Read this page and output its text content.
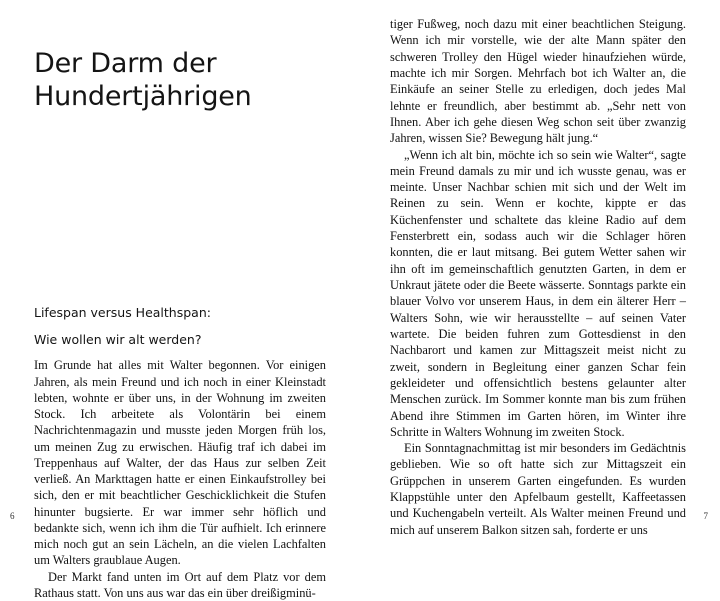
Der Darm der Hundertjährigen
Lifespan versus Healthspan:
Wie wollen wir alt werden?

Im Grunde hat alles mit Walter begonnen. Vor einigen Jahren, als mein Freund und ich noch in einer Kleinstadt lebten, wohnte er über uns, in der Wohnung im zweiten Stock. Ich arbeitete als Volontärin bei einem Nachrichtenmagazin und musste jeden Morgen früh los, um meinen Zug zu erwischen. Häufig traf ich dabei im Treppenhaus auf Walter, der das Haus zur selben Zeit verließ. An Markttagen hatte er einen Einkaufstrolley bei sich, den er mit beachtlicher Geschicklichkeit die Stufen hinunter bugsierte. Er war immer sehr höflich und bedankte sich, wenn ich ihm die Tür aufhielt. Ich erinnere mich noch gut an sein Lächeln, an die vielen Lachfalten um Walters graublaue Augen.

Der Markt fand unten im Ort auf dem Platz vor dem Rathaus statt. Von uns aus war das ein über dreißigminü-

6

tiger Fußweg, noch dazu mit einer beachtlichen Steigung. Wenn ich mir vorstelle, wie der alte Mann später den schweren Trolley den Hügel wieder hinaufziehen würde, machte ich mir Sorgen. Mehrfach bot ich Walter an, die Einkäufe an seiner Stelle zu erledigen, doch jedes Mal lehnte er freundlich, aber bestimmt ab. „Sehr nett von Ihnen. Aber ich gehe diesen Weg schon seit über zwanzig Jahren, wissen Sie? Bewegung hält jung.“

„Wenn ich alt bin, möchte ich so sein wie Walter“, sagte mein Freund damals zu mir und ich wusste genau, was er meinte. Unser Nachbar schien mit sich und der Welt im Reinen zu sein. Wenn er kochte, kippte er das Küchenfenster und schaltete das kleine Radio auf dem Fensterbrett ein, sodass auch wir die Schlager hören konnten, die er laut mitsang. Bei gutem Wetter sahen wir ihn oft im gemeinschaftlich genutzten Garten, in dem er Unkraut jätete oder die Beete wässerte. Sonntags parkte ein blauer Volvo vor unserem Haus, in dem ein älterer Herr – Walters Sohn, wie wir herausstellte – auf seinen Vater wartete. Die beiden fuhren zum Gottesdienst in den Nachbarort und kamen zur Mittagszeit meist nicht zu zweit, sondern in Begleitung einer ganzen Schar fein gekleideter und offensichtlich bestens gelaunter alter Menschen zurück. Im Sommer konnte man bis zum frühen Abend ihre Stimmen im Garten hören, im Winter ihre Schritte in Walters Wohnung im zweiten Stock.

Ein Sonntagnachmittag ist mir besonders im Gedächtnis geblieben. Wie so oft hatte sich zur Mittagszeit ein Grüppchen in unserem Garten eingefunden. Es wurden Klappstühle unter den Apfelbaum gestellt, Kaffeetassen und Kuchengabeln verteilt. Als Walter meinen Freund und mich auf unserem Balkon sitzen sah, forderte er uns

7
